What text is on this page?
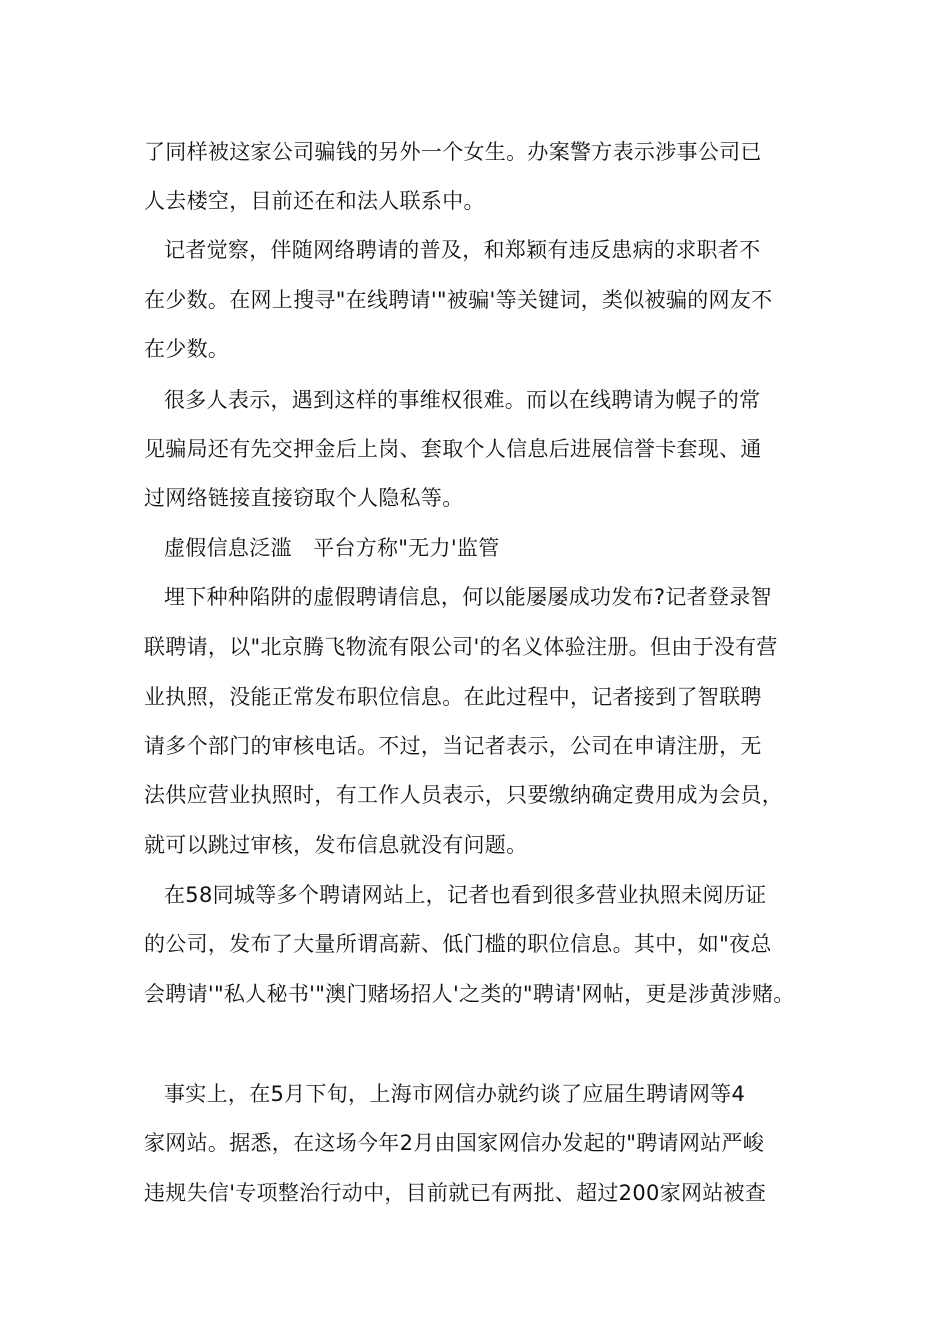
了同样被这家公司骗钱的另外一个女生。办案警方表示涉事公司已
人去楼空，目前还在和法人联系中。
记者觉察，伴随网络聘请的普及，和郑颖有违反患病的求职者不
在少数。在网上搜寻"在线聘请'"被骗'等关键词，类似被骗的网友不
在少数。
很多人表示，遇到这样的事维权很难。而以在线聘请为幌子的常
见骗局还有先交押金后上岗、套取个人信息后进展信誉卡套现、通
过网络链接直接窃取个人隐私等。
虚假信息泛滥　平台方称"无力'监管
埋下种种陷阱的虚假聘请信息，何以能屡屡成功发布?记者登录智
联聘请，以"北京腾飞物流有限公司'的名义体验注册。但由于没有营
业执照，没能正常发布职位信息。在此过程中，记者接到了智联聘
请多个部门的审核电话。不过，当记者表示，公司在申请注册，无
法供应营业执照时，有工作人员表示，只要缴纳确定费用成为会员，
就可以跳过审核，发布信息就没有问题。
在58同城等多个聘请网站上，记者也看到很多营业执照未阅历证
的公司，发布了大量所谓高薪、低门槛的职位信息。其中，如"夜总
会聘请'"私人秘书'"澳门赌场招人'之类的"聘请'网帖，更是涉黄涉赌。
事实上，在5月下旬，上海市网信办就约谈了应届生聘请网等4
家网站。据悉，在这场今年2月由国家网信办发起的"聘请网站严峻
违规失信'专项整治行动中，目前就已有两批、超过200家网站被查
